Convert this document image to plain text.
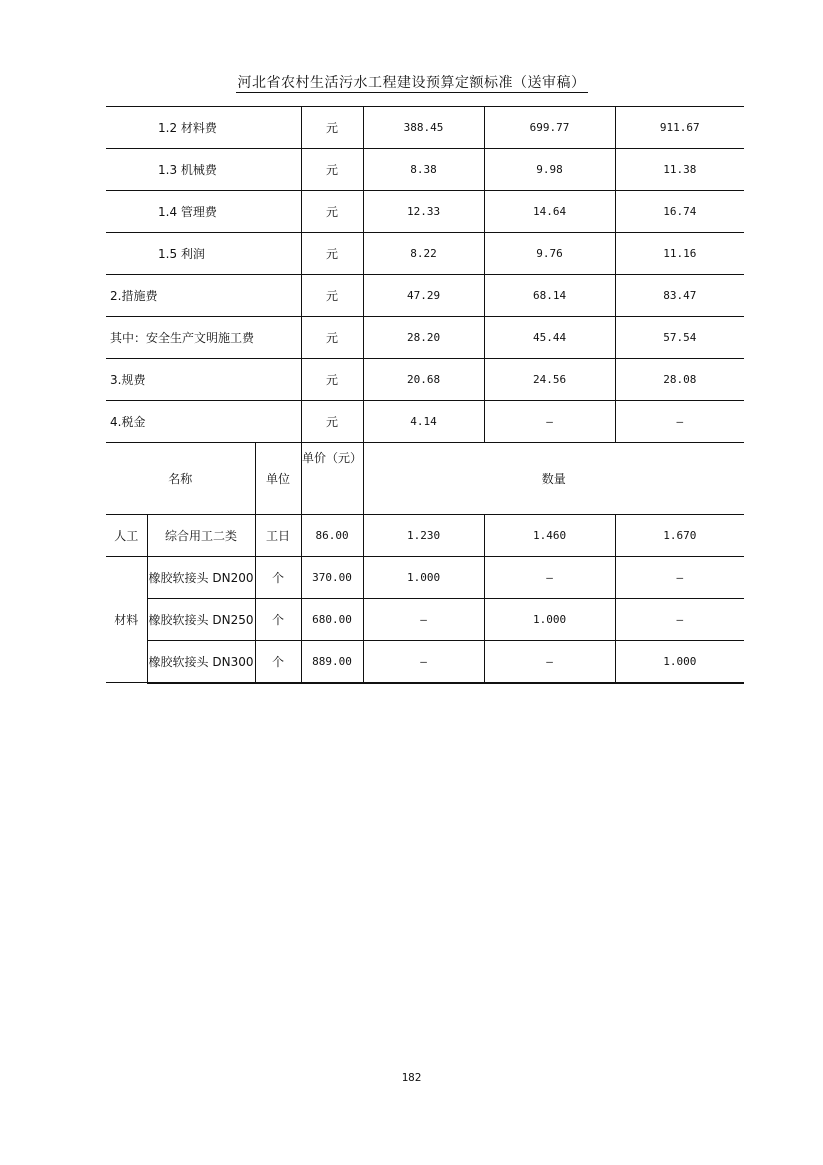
河北省农村生活污水工程建设预算定额标准（送审稿）
1.2 材料费			元	388.45	699.77	911.67
1.3 机械费			元	8.38	9.98	11.38
1.4 管理费			元	12.33	14.64	16.74
1.5 利润			元	8.22	9.76	11.16
2.措施费			元	47.29	68.14	83.47
其中：安全生产文明施工费			元	28.20	45.44	57.54
3.规费			元	20.68	24.56	28.08
4.税金			元	4.14	–	–
名称		单位	单价（元）	数量		
人工	综合用工二类	工日	86.00	1.230	1.460	1.670
材料	橡胶软接头 DN200	个	370.00	1.000	–	–
	橡胶软接头 DN250	个	680.00	–	1.000	–
	橡胶软接头 DN300	个	889.00	–	–	1.000
182
